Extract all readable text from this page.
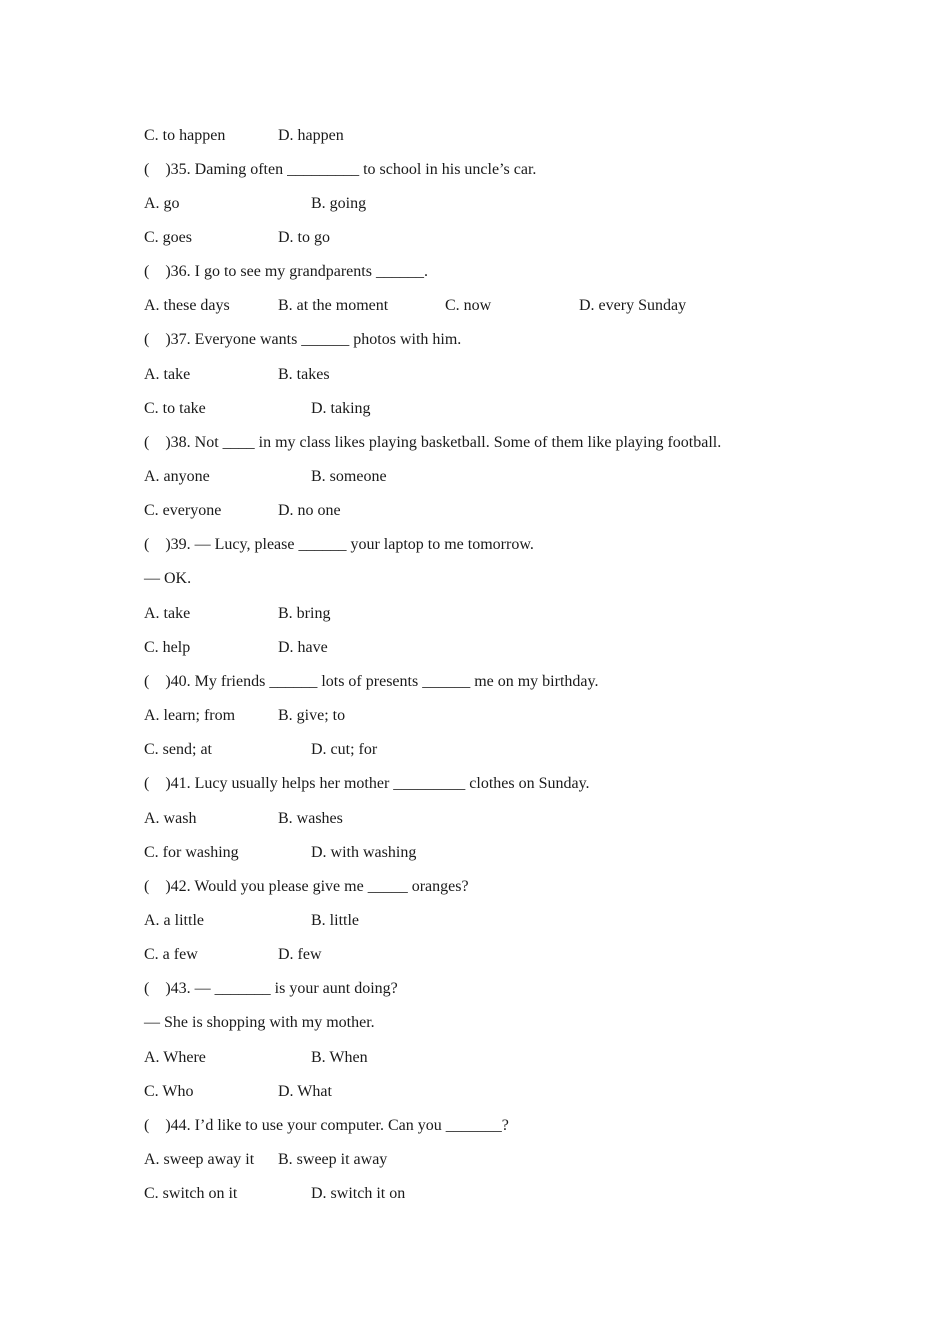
C. to happen

	D. happen

(    )35. Daming often _________ to school in his uncle’s car.

A. go

	B. going

C. goes

	D. to go

(    )36. I go to see my grandparents ______.

A. these days

	B. at the moment

	C. now

	D. every Sunday

(    )37. Everyone wants ______ photos with him.

A. take

	B. takes

C. to take

	D. taking

(    )38. Not ____ in my class likes playing basketball. Some of them like playing football.

A. anyone

	B. someone

C. everyone

	D. no one

(    )39. — Lucy, please ______ your laptop to me tomorrow.
— OK.

A. take

	B. bring

C. help

	D. have

(    )40. My friends ______ lots of presents ______ me on my birthday.

A. learn; from

	B. give; to

C. send; at

	D. cut; for

(    )41. Lucy usually helps her mother _________ clothes on Sunday.

A. wash

	B. washes

C. for washing

	D. with washing

(    )42. Would you please give me _____ oranges?

A. a little

	B. little

C. a few

	D. few

(    )43. — _______ is your aunt doing?
— She is shopping with my mother.

A. Where

	B. When

C. Who

	D. What

(    )44. I’d like to use your computer. Can you _______?

A. sweep away it

B. sweep it away

C. switch on it

	D. switch it on
